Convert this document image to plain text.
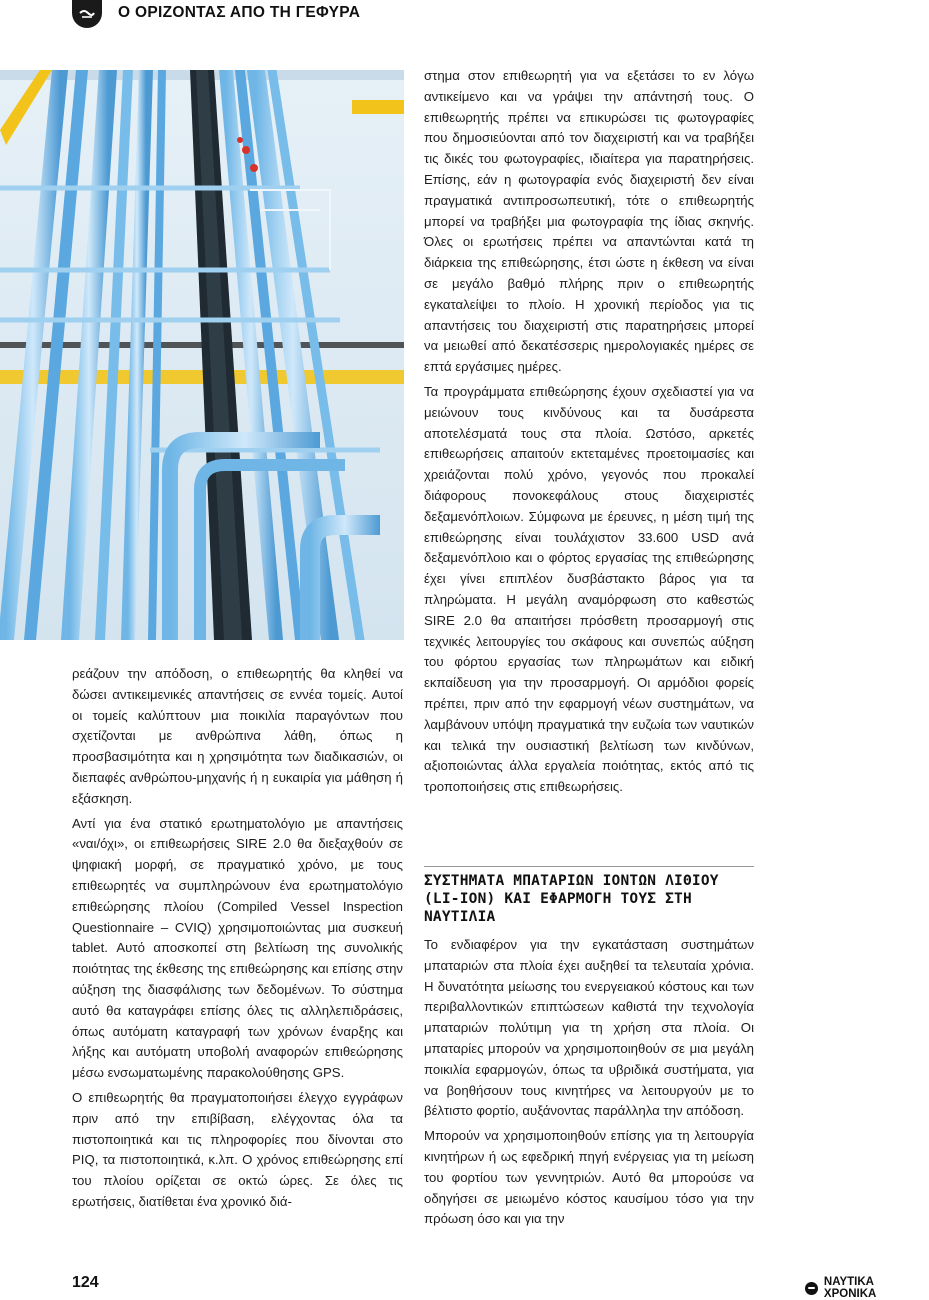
Ο ΟΡΙΖΟΝΤΑΣ ΑΠΟ ΤΗ ΓΕΦΥΡΑ

ρεάζουν την απόδοση, ο επιθεωρητής θα κληθεί να δώσει αντικειμενικές απαντήσεις σε εννέα τομείς. Αυτοί οι τομείς καλύπτουν μια ποικιλία παραγόντων που σχετίζονται με ανθρώπινα λάθη, όπως η προσβασιμότητα και η χρησιμότητα των διαδικασιών, οι διεπαφές ανθρώπου-μηχανής ή η ευκαιρία για μάθηση ή εξάσκηση.

Αντί για ένα στατικό ερωτηματολόγιο με απαντήσεις «ναι/όχι», οι επιθεωρήσεις SIRE 2.0 θα διεξαχθούν σε ψηφιακή μορφή, σε πραγματικό χρόνο, με τους επιθεωρητές να συμπληρώνουν ένα ερωτηματολόγιο επιθεώρησης πλοίου (Compiled Vessel Inspection Questionnaire – CVIQ) χρησιμοποιώντας μια συσκευή tablet. Αυτό αποσκοπεί στη βελτίωση της συνολικής ποιότητας της έκθεσης της επιθεώρησης και επίσης στην αύξηση της διασφάλισης των δεδομένων. Το σύστημα αυτό θα καταγράφει επίσης όλες τις αλληλεπιδράσεις, όπως αυτόματη καταγραφή των χρόνων έναρξης και λήξης και αυτόματη υποβολή αναφορών επιθεώρησης μέσω ενσωματωμένης παρακολούθησης GPS.

Ο επιθεωρητής θα πραγματοποιήσει έλεγχο εγγράφων πριν από την επιβίβαση, ελέγχοντας όλα τα πιστοποιητικά και τις πληροφορίες που δίνονται στο PIQ, τα πιστοποιητικά, κ.λπ. Ο χρόνος επιθεώρησης επί του πλοίου ορίζεται σε οκτώ ώρες. Σε όλες τις ερωτήσεις, διατίθεται ένα χρονικό διά-

στημα στον επιθεωρητή για να εξετάσει το εν λόγω αντικείμενο και να γράψει την απάντησή τους. Ο επιθεωρητής πρέπει να επικυρώσει τις φωτογραφίες που δημοσιεύονται από τον διαχειριστή και να τραβήξει τις δικές του φωτογραφίες, ιδιαίτερα για παρατηρήσεις. Επίσης, εάν η φωτογραφία ενός διαχειριστή δεν είναι πραγματικά αντιπροσωπευτική, τότε ο επιθεωρητής μπορεί να τραβήξει μια φωτογραφία της ίδιας σκηνής. Όλες οι ερωτήσεις πρέπει να απαντώνται κατά τη διάρκεια της επιθεώρησης, έτσι ώστε η έκθεση να είναι σε μεγάλο βαθμό πλήρης πριν ο επιθεωρητής εγκαταλείψει το πλοίο. Η χρονική περίοδος για τις απαντήσεις του διαχειριστή στις παρατηρήσεις μπορεί να μειωθεί από δεκατέσσερις ημερολογιακές ημέρες σε επτά εργάσιμες ημέρες.

Τα προγράμματα επιθεώρησης έχουν σχεδιαστεί για να μειώνουν τους κινδύνους και τα δυσάρεστα αποτελέσματά τους στα πλοία. Ωστόσο, αρκετές επιθεωρήσεις απαιτούν εκτεταμένες προετοιμασίες και χρειάζονται πολύ χρόνο, γεγονός που προκαλεί διάφορους πονοκεφάλους στους διαχειριστές δεξαμενόπλοιων. Σύμφωνα με έρευνες, η μέση τιμή της επιθεώρησης είναι τουλάχιστον 33.600 USD ανά δεξαμενόπλοιο και ο φόρτος εργασίας της επιθεώρησης έχει γίνει επιπλέον δυσβάστακτο βάρος για τα πληρώματα. Η μεγάλη αναμόρφωση στο καθεστώς SIRE 2.0 θα απαιτήσει πρόσθετη προσαρμογή στις τεχνικές λειτουργίες του σκάφους και συνεπώς αύξηση του φόρτου εργασίας των πληρωμάτων και ειδική εκπαίδευση για την προσαρμογή. Οι αρμόδιοι φορείς πρέπει, πριν από την εφαρμογή νέων συστημάτων, να λαμβάνουν υπόψη πραγματικά την ευζωία των ναυτικών και τελικά την ουσιαστική βελτίωση των κινδύνων, αξιοποιώντας άλλα εργαλεία ποιότητας, εκτός από τις τροποποιήσεις στις επιθεωρήσεις.

ΣΥΣΤΗΜΑΤΑ ΜΠΑΤΑΡΙΩΝ ΙΟΝΤΩΝ ΛΙΘΙΟΥ (LI-ION) ΚΑΙ ΕΦΑΡΜΟΓΗ ΤΟΥΣ ΣΤΗ ΝΑΥΤΙΛΙΑ

Το ενδιαφέρον για την εγκατάσταση συστημάτων μπαταριών στα πλοία έχει αυξηθεί τα τελευταία χρόνια. Η δυνατότητα μείωσης του ενεργειακού κόστους και των περιβαλλοντικών επιπτώσεων καθιστά την τεχνολογία μπαταριών πολύτιμη για τη χρήση στα πλοία. Οι μπαταρίες μπορούν να χρησιμοποιηθούν σε μια μεγάλη ποικιλία εφαρμογών, όπως τα υβριδικά συστήματα, για να βοηθήσουν τους κινητήρες να λειτουργούν με το βέλτιστο φορτίο, αυξάνοντας παράλληλα την απόδοση.

Μπορούν να χρησιμοποιηθούν επίσης για τη λειτουργία κινητήρων ή ως εφεδρική πηγή ενέργειας για τη μείωση του φορτίου των γεννητριών. Αυτό θα μπορούσε να οδηγήσει σε μειωμένο κόστος καυσίμου τόσο για την πρόωση όσο και για την

124	ΝΑΥΤΙΚΑ ΧΡΟΝΙΚΑ
